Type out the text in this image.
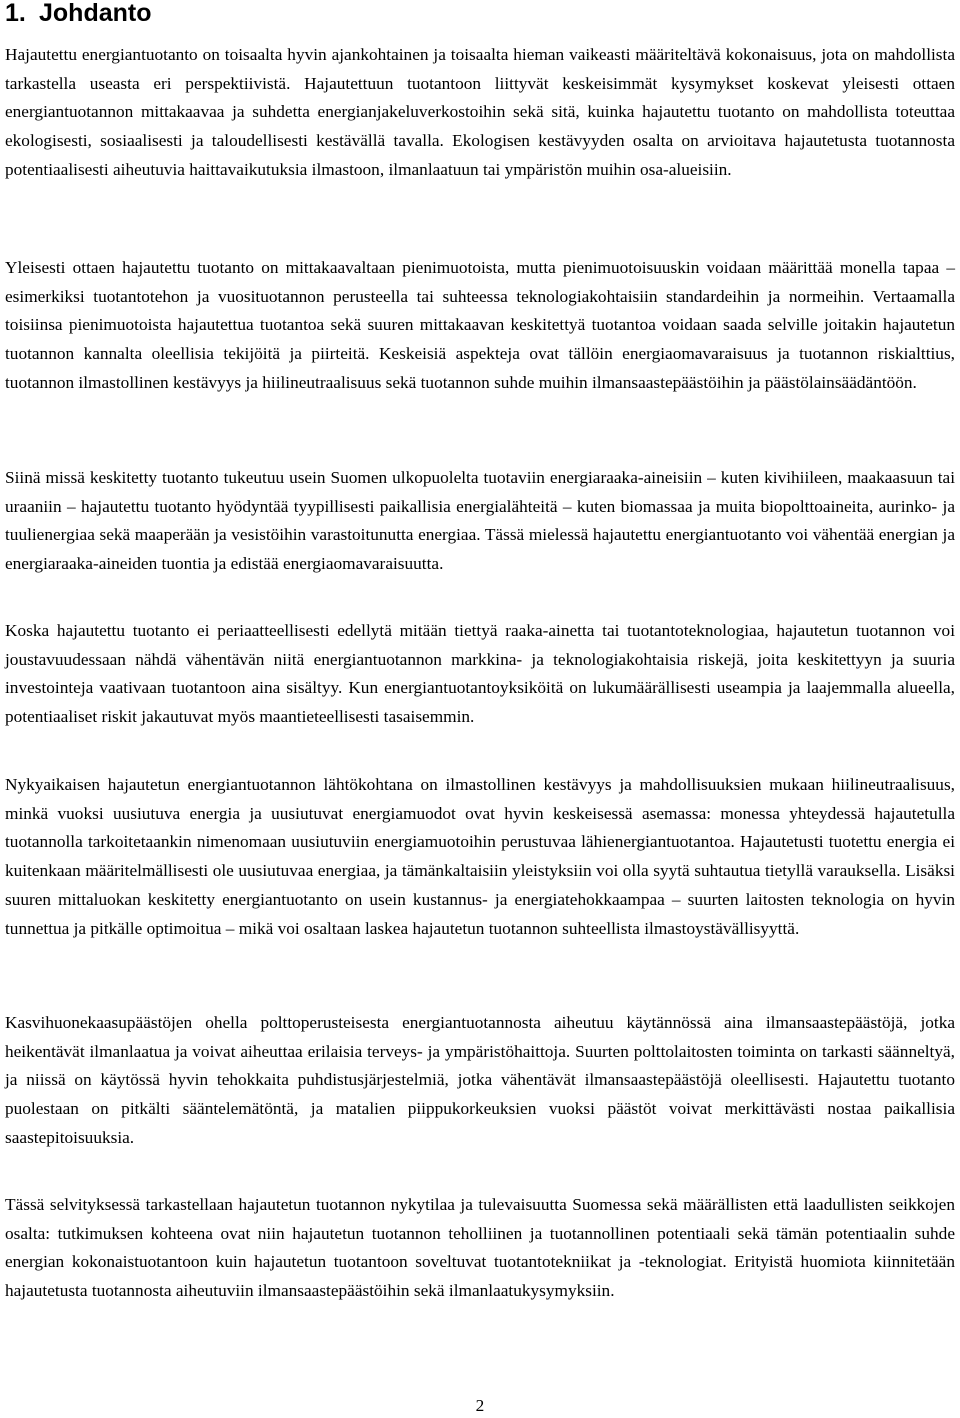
1. Johdanto

Hajautettu energiantuotanto on toisaalta hyvin ajankohtainen ja toisaalta hieman vaikeasti määriteltävä kokonaisuus, jota on mahdollista tarkastella useasta eri perspektiivistä. Hajautettuun tuotantoon liittyvät keskeisimmät kysymykset koskevat yleisesti ottaen energiantuotannon mittakaavaa ja suhdetta energianjakeluverkostoihin sekä sitä, kuinka hajautettu tuotanto on mahdollista toteuttaa ekologisesti, sosiaalisesti ja taloudellisesti kestävällä tavalla. Ekologisen kestävyyden osalta on arvioitava hajautetusta tuotannosta potentiaalisesti aiheutuvia haittavaikutuksia ilmastoon, ilmanlaatuun tai ympäristön muihin osa-alueisiin.

Yleisesti ottaen hajautettu tuotanto on mittakaavaltaan pienimuotoista, mutta pienimuotoisuuskin voidaan määrittää monella tapaa – esimerkiksi tuotantotehon ja vuosituotannon perusteella tai suhteessa teknologiakohtaisiin standardeihin ja normeihin. Vertaamalla toisiinsa pienimuotoista hajautettua tuotantoa sekä suuren mittakaavan keskitettyä tuotantoa voidaan saada selville joitakin hajautetun tuotannon kannalta oleellisia tekijöitä ja piirteitä. Keskeisiä aspekteja ovat tällöin energiaomavaraisuus ja tuotannon riskialttius, tuotannon ilmastollinen kestävyys ja hiilineutraalisuus sekä tuotannon suhde muihin ilmansaastepäästöihin ja päästölainsäädäntöön.

Siinä missä keskitetty tuotanto tukeutuu usein Suomen ulkopuolelta tuotaviin energiaraaka-aineisiin – kuten kivihiileen, maakaasuun tai uraaniin – hajautettu tuotanto hyödyntää tyypillisesti paikallisia energialähteitä – kuten biomassaa ja muita biopolttoaineita, aurinko- ja tuulienergiaa sekä maaperään ja vesistöihin varastoitunutta energiaa. Tässä mielessä hajautettu energiantuotanto voi vähentää energian ja energiaraaka-aineiden tuontia ja edistää energiaomavaraisuutta.

Koska hajautettu tuotanto ei periaatteellisesti edellytä mitään tiettyä raaka-ainetta tai tuotantoteknologiaa, hajautetun tuotannon voi joustavuudessaan nähdä vähentävän niitä energiantuotannon markkina- ja teknologiakohtaisia riskejä, joita keskitettyyn ja suuria investointeja vaativaan tuotantoon aina sisältyy. Kun energiantuotantoyksiköitä on lukumäärällisesti useampia ja laajemmalla alueella, potentiaaliset riskit jakautuvat myös maantieteellisesti tasaisemmin.

Nykyaikaisen hajautetun energiantuotannon lähtökohtana on ilmastollinen kestävyys ja mahdollisuuksien mukaan hiilineutraalisuus, minkä vuoksi uusiutuva energia ja uusiutuvat energiamuodot ovat hyvin keskeisessä asemassa: monessa yhteydessä hajautetulla tuotannolla tarkoitetaankin nimenomaan uusiutuviin energiamuotoihin perustuvaa lähienergiantuotantoa. Hajautetusti tuotettu energia ei kuitenkaan määritelmällisesti ole uusiutuvaa energiaa, ja tämänkaltaisiin yleistyksiin voi olla syytä suhtautua tietyllä varauksella. Lisäksi suuren mittaluokan keskitetty energiantuotanto on usein kustannus- ja energiatehokkaampaa – suurten laitosten teknologia on hyvin tunnettua ja pitkälle optimoitua – mikä voi osaltaan laskea hajautetun tuotannon suhteellista ilmastoystävällisyyttä.

Kasvihuonekaasupäästöjen ohella polttoperusteisesta energiantuotannosta aiheutuu käytännössä aina ilmansaastepäästöjä, jotka heikentävät ilmanlaatua ja voivat aiheuttaa erilaisia terveys- ja ympäristöhaittoja. Suurten polttolaitosten toiminta on tarkasti säänneltyä, ja niissä on käytössä hyvin tehokkaita puhdistusjärjestelmiä, jotka vähentävät ilmansaastepäästöjä oleellisesti. Hajautettu tuotanto puolestaan on pitkälti sääntelemätöntä, ja matalien piippukorkeuksien vuoksi päästöt voivat merkittävästi nostaa paikallisia saastepitoisuuksia.

Tässä selvityksessä tarkastellaan hajautetun tuotannon nykytilaa ja tulevaisuutta Suomessa sekä määrällisten että laadullisten seikkojen osalta: tutkimuksen kohteena ovat niin hajautetun tuotannon teholliinen ja tuotannollinen potentiaali sekä tämän potentiaalin suhde energian kokonaistuotantoon kuin hajautetun tuotantoon soveltuvat tuotantotekniikat ja -teknologiat. Erityistä huomiota kiinnitetään hajautetusta tuotannosta aiheutuviin ilmansaastepäästöihin sekä ilmanlaatukysymyksiin.

2
